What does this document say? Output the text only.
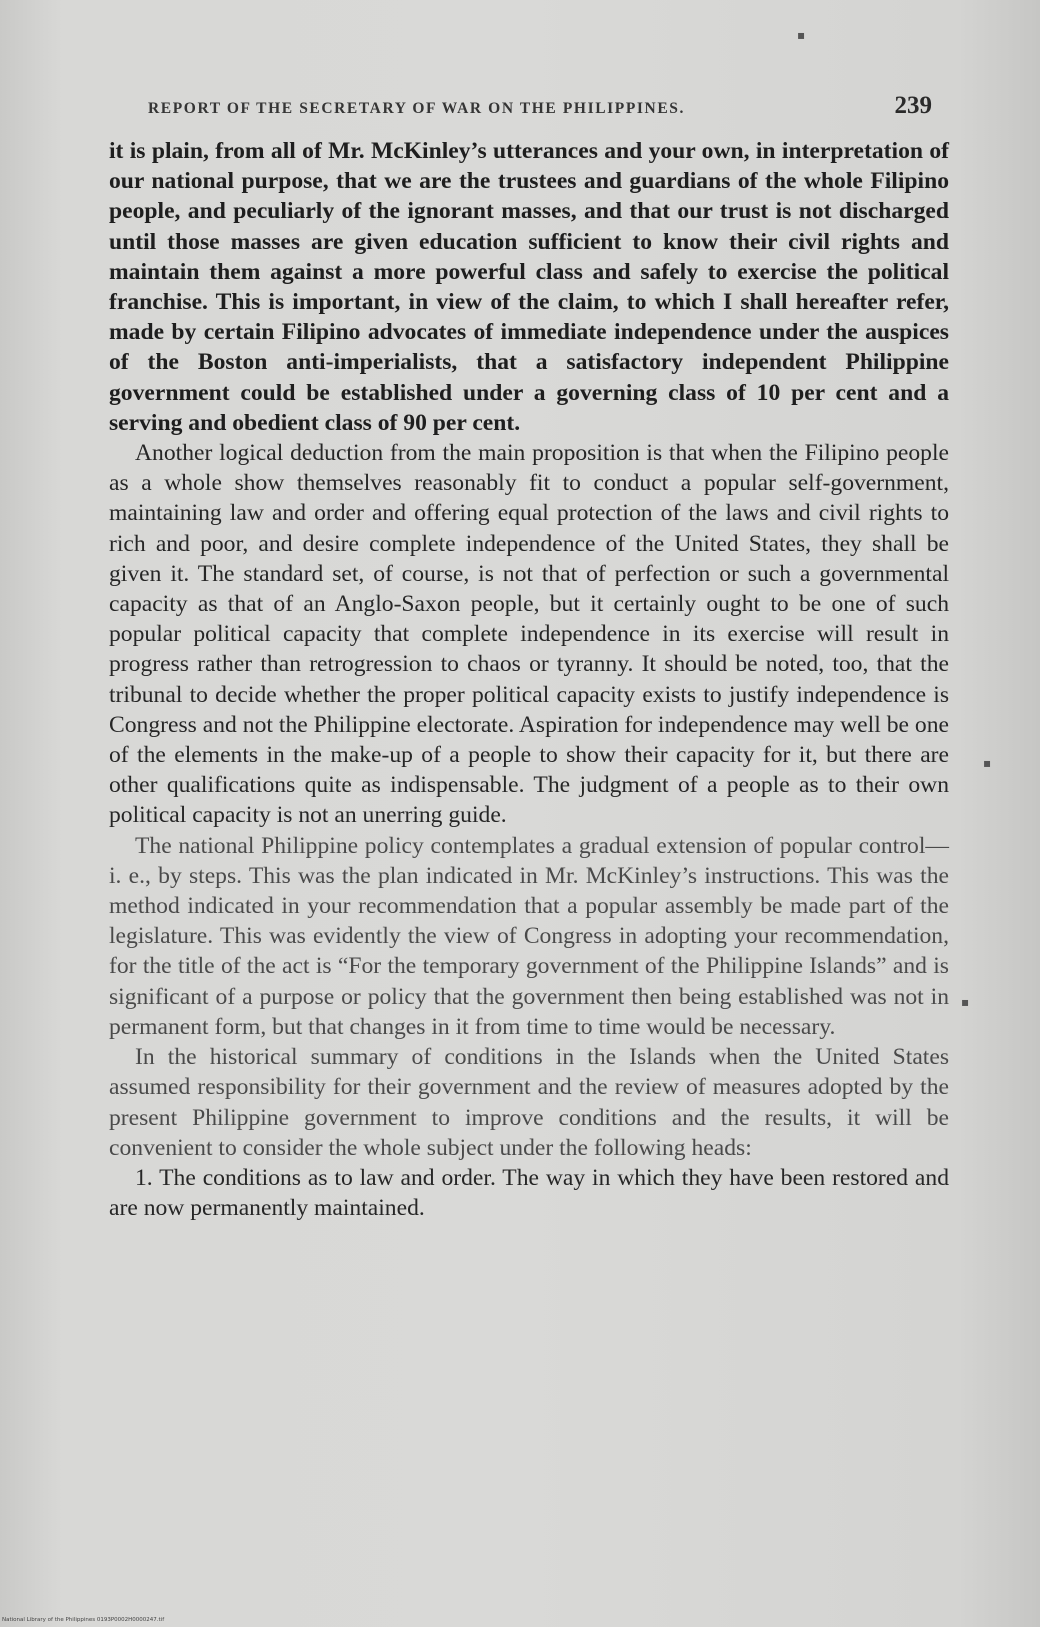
REPORT OF THE SECRETARY OF WAR ON THE PHILIPPINES.	239

it is plain, from all of Mr. McKinley’s utterances and your own, in interpretation of our national purpose, that we are the trustees and guardians of the whole Filipino people, and peculiarly of the ignorant masses, and that our trust is not discharged until those masses are given education sufficient to know their civil rights and maintain them against a more powerful class and safely to exercise the political franchise. This is important, in view of the claim, to which I shall hereafter refer, made by certain Filipino advocates of immediate independence under the auspices of the Boston anti-imperialists, that a satisfactory independent Philippine government could be established under a governing class of 10 per cent and a serving and obedient class of 90 per cent.

Another logical deduction from the main proposition is that when the Filipino people as a whole show themselves reasonably fit to conduct a popular self-government, maintaining law and order and offering equal protection of the laws and civil rights to rich and poor, and desire complete independence of the United States, they shall be given it. The standard set, of course, is not that of perfection or such a governmental capacity as that of an Anglo-Saxon people, but it certainly ought to be one of such popular political capacity that complete independence in its exercise will result in progress rather than retrogression to chaos or tyranny. It should be noted, too, that the tribunal to decide whether the proper political capacity exists to justify independence is Congress and not the Philippine electorate. Aspiration for independence may well be one of the elements in the make-up of a people to show their capacity for it, but there are other qualifications quite as indispensable. The judgment of a people as to their own political capacity is not an unerring guide.

The national Philippine policy contemplates a gradual extension of popular control—i. e., by steps. This was the plan indicated in Mr. McKinley’s instructions. This was the method indicated in your recommendation that a popular assembly be made part of the legislature. This was evidently the view of Congress in adopting your recommendation, for the title of the act is “For the temporary government of the Philippine Islands” and is significant of a purpose or policy that the government then being established was not in permanent form, but that changes in it from time to time would be necessary.

In the historical summary of conditions in the Islands when the United States assumed responsibility for their government and the review of measures adopted by the present Philippine government to improve conditions and the results, it will be convenient to consider the whole subject under the following heads:

1. The conditions as to law and order. The way in which they have been restored and are now permanently maintained.

▪
▪
▪
National Library of the Philippines 0193P0002H0000247.tif
